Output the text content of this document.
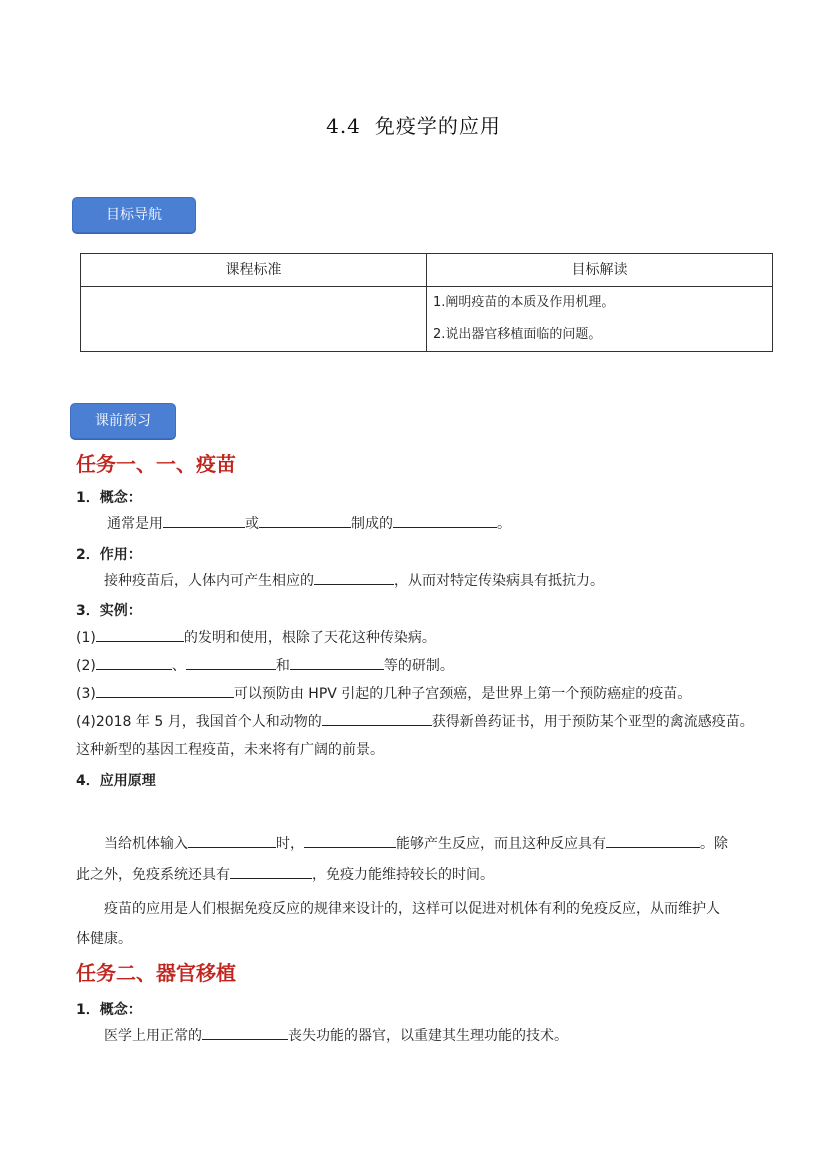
4.4 免疫学的应用
目标导航
课程标准	目标解读

	1.阐明疫苗的本质及作用机理。
2.说出器官移植面临的问题。
课前预习
任务一、一、疫苗
1．概念：
通常是用	或	制成的	。
2．作用：
接种疫苗后，人体内可产生相应的	，从而对特定传染病具有抵抗力。
3．实例：
(1)	的发明和使用，根除了天花这种传染病。
(2)	、	和	等的研制。
(3)	可以预防由 HPV 引起的几种子宫颈癌，是世界上第一个预防癌症的疫苗。
(4)2018 年 5 月，我国首个人和动物的	获得新兽药证书，用于预防某个亚型的禽流感疫苗。
这种新型的基因工程疫苗，未来将有广阔的前景。
4．应用原理
当给机体输入	时，	能够产生反应，而且这种反应具有	。除
此之外，免疫系统还具有	，免疫力能维持较长的时间。
疫苗的应用是人们根据免疫反应的规律来设计的，这样可以促进对机体有利的免疫反应，从而维护人
体健康。
任务二、器官移植
1．概念：
医学上用正常的	丧失功能的器官，以重建其生理功能的技术。
